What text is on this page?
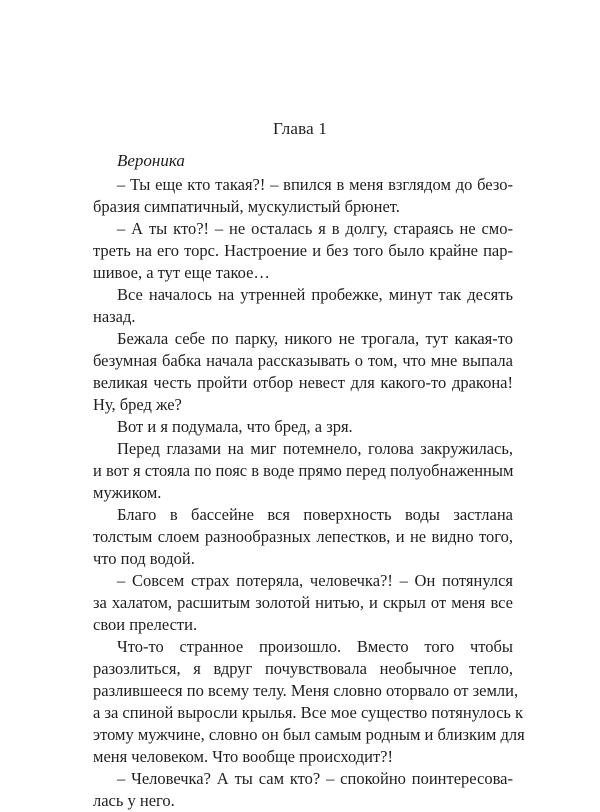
Глава 1
Вероника
– Ты еще кто такая?! – впился в меня взглядом до безо-
бразия симпатичный, мускулистый брюнет.
– А ты кто?! – не осталась я в долгу, стараясь не смо-
треть на его торс. Настроение и без того было крайне пар-
шивое, а тут еще такое…
Все началось на утренней пробежке, минут так десять
назад.
Бежала себе по парку, никого не трогала, тут какая-то
безумная бабка начала рассказывать о том, что мне выпала
великая честь пройти отбор невест для какого-то дракона!
Ну, бред же?
Вот и я подумала, что бред, а зря.
Перед глазами на миг потемнело, голова закружилась,
и вот я стояла по пояс в воде прямо перед полуобнаженным
мужиком.
Благо в бассейне вся поверхность воды застлана
толстым слоем разнообразных лепестков, и не видно того,
что под водой.
– Совсем страх потеряла, человечка?! – Он потянулся
за халатом, расшитым золотой нитью, и скрыл от меня все
свои прелести.
Что-то странное произошло. Вместо того чтобы
разозлиться, я вдруг почувствовала необычное тепло,
разлившееся по всему телу. Меня словно оторвало от земли,
а за спиной выросли крылья. Все мое существо потянулось к
этому мужчине, словно он был самым родным и близким для
меня человеком. Что вообще происходит?!
– Человечка? А ты сам кто? – спокойно поинтересова-
лась у него.
